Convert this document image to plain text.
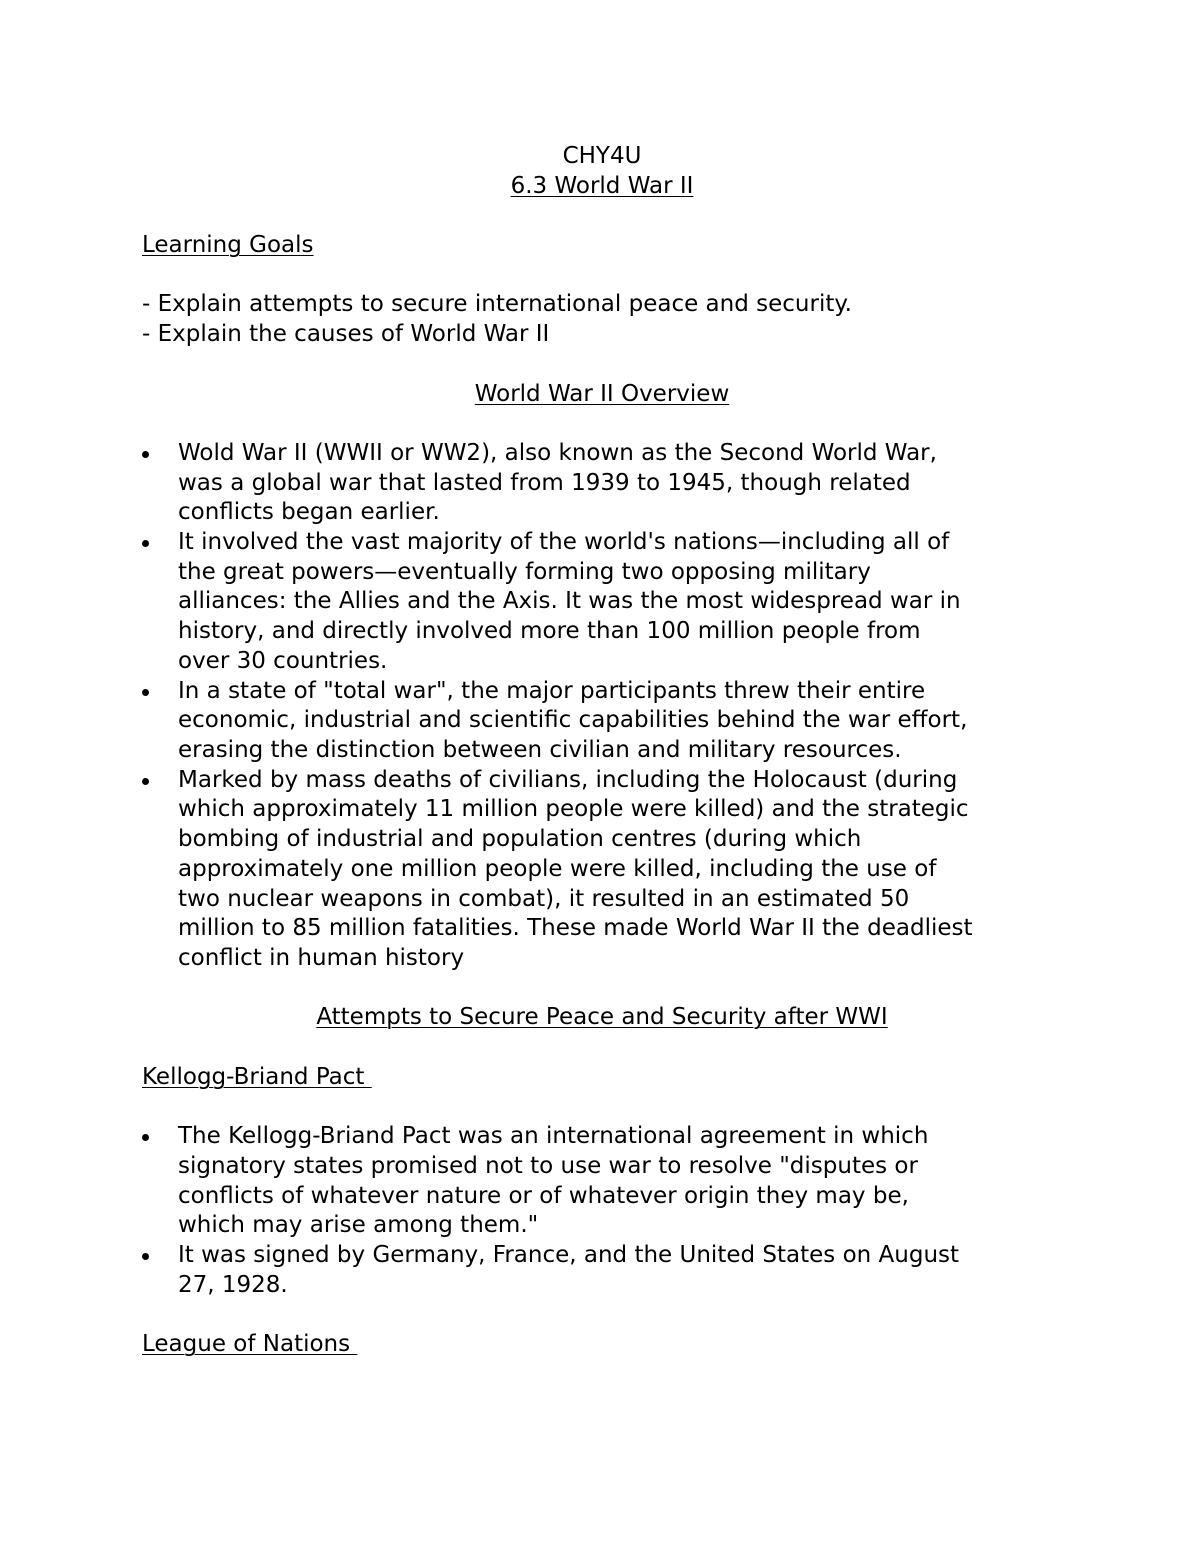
CHY4U

6.3 World War II

Learning Goals

- Explain attempts to secure international peace and security.

- Explain the causes of World War II

World War II Overview

Wold War II (WWII or WW2), also known as the Second World War,
was a global war that lasted from 1939 to 1945, though related
conflicts began earlier.
It involved the vast majority of the world's nations—including all of
the great powers—eventually forming two opposing military
alliances: the Allies and the Axis. It was the most widespread war in
history, and directly involved more than 100 million people from
over 30 countries.
In a state of "total war", the major participants threw their entire
economic, industrial and scientific capabilities behind the war effort,
erasing the distinction between civilian and military resources.
Marked by mass deaths of civilians, including the Holocaust (during
which approximately 11 million people were killed) and the strategic
bombing of industrial and population centres (during which
approximately one million people were killed, including the use of
two nuclear weapons in combat), it resulted in an estimated 50
million to 85 million fatalities. These made World War II the deadliest
conflict in human history

Attempts to Secure Peace and Security after WWI

Kellogg-Briand Pact

The Kellogg-Briand Pact was an international agreement in which
signatory states promised not to use war to resolve "disputes or
conflicts of whatever nature or of whatever origin they may be,
which may arise among them."
It was signed by Germany, France, and the United States on August
27, 1928.

League of Nations
